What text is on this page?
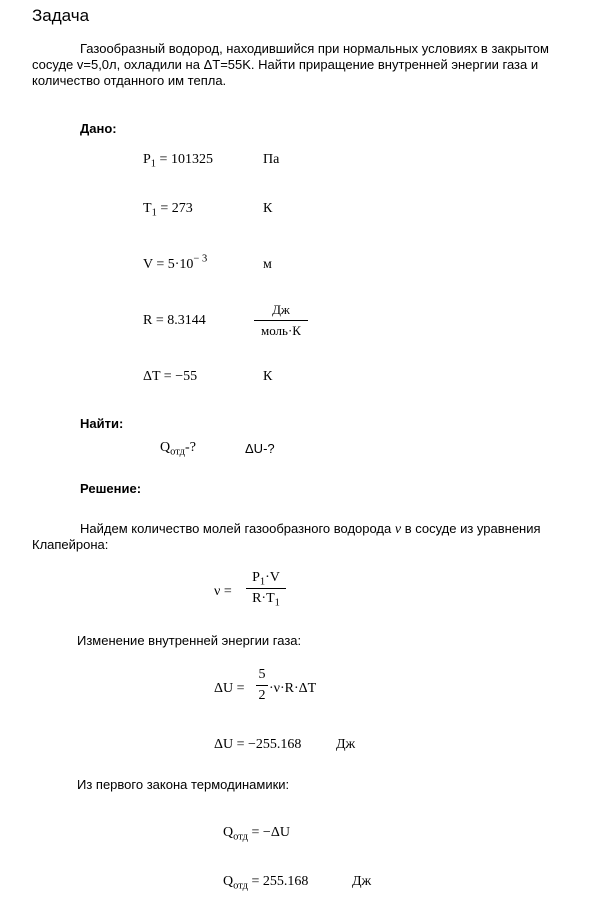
Задача
Газообразный водород, находившийся при нормальных условиях в закрытом
сосуде v=5,0л, охладили на ΔT=55K. Найти приращение внутренней энергии газа и
количество отданного им тепла.
Дано:
$P_1 = 101325$	Па
$T_1 = 273$	К
$V = 5\cdot 10^{- 3}$	м
R = 8.3144
Дж
моль·К
ΔT = −55	К
Найти:
$Q_{отд}-$?	ΔU-?
Решение:
Найдем количество молей газообразного водорода ν в сосуде из уравнения
Клапейрона:
ν =
$P_1\cdot V$
$R\cdot T_1$
Изменение внутренней энергии газа:
ΔU =
5
2 ·ν·R·ΔT
ΔU = −255.168 Дж
Из первого закона термодинамики:
$Q_{отд} = -\Delta U$
$Q_{отд} = 255.168$	Дж
